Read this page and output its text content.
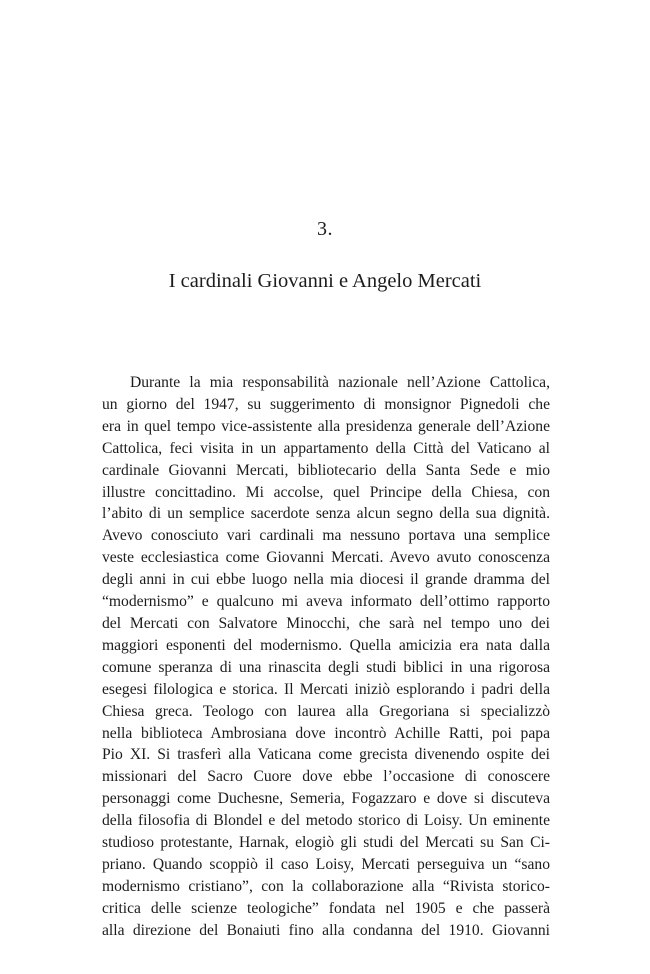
3.
I cardinali Giovanni e Angelo Mercati
Durante la mia responsabilità nazionale nell’Azione Cattolica,
un giorno del 1947, su suggerimento di monsignor Pignedoli che
era in quel tempo vice-assistente alla presidenza generale dell’Azione
Cattolica, feci visita in un appartamento della Città del Vaticano al
cardinale Giovanni Mercati, bibliotecario della Santa Sede e mio
illustre concittadino. Mi accolse, quel Principe della Chiesa, con
l’abito di un semplice sacerdote senza alcun segno della sua dignità.
Avevo conosciuto vari cardinali ma nessuno portava una semplice
veste ecclesiastica come Giovanni Mercati. Avevo avuto conoscenza
degli anni in cui ebbe luogo nella mia diocesi il grande dramma del
“modernismo” e qualcuno mi aveva informato dell’ottimo rapporto
del Mercati con Salvatore Minocchi, che sarà nel tempo uno dei
maggiori esponenti del modernismo. Quella amicizia era nata dalla
comune speranza di una rinascita degli studi biblici in una rigorosa
esegesi filologica e storica. Il Mercati iniziò esplorando i padri della
Chiesa greca. Teologo con laurea alla Gregoriana si specializzò
nella biblioteca Ambrosiana dove incontrò Achille Ratti, poi papa
Pio XI. Si trasferì alla Vaticana come grecista divenendo ospite dei
missionari del Sacro Cuore dove ebbe l’occasione di conoscere
personaggi come Duchesne, Semeria, Fogazzaro e dove si discuteva
della filosofia di Blondel e del metodo storico di Loisy. Un eminente
studioso protestante, Harnak, elogiò gli studi del Mercati su San Ci-
priano. Quando scoppiò il caso Loisy, Mercati perseguiva un “sano
modernismo cristiano”, con la collaborazione alla “Rivista storico-
critica delle scienze teologiche” fondata nel 1905 e che passerà
alla direzione del Bonaiuti fino alla condanna del 1910. Giovanni
